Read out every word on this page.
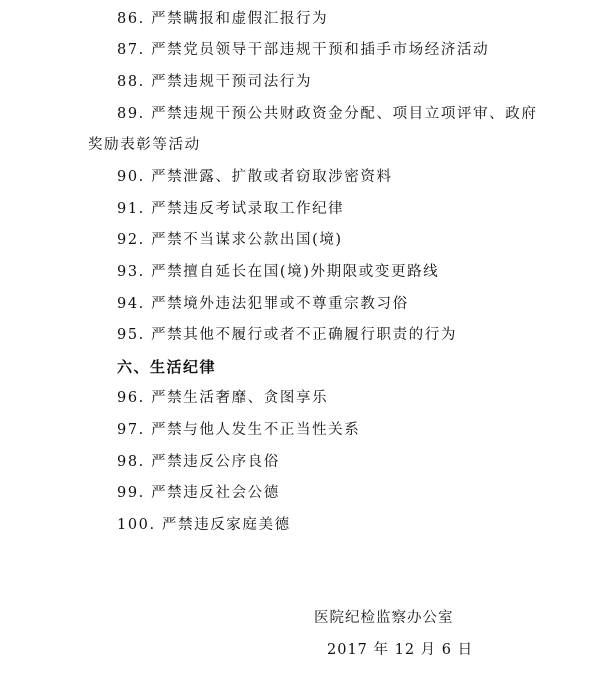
86. 严禁瞒报和虚假汇报行为
87. 严禁党员领导干部违规干预和插手市场经济活动
88. 严禁违规干预司法行为
89. 严禁违规干预公共财政资金分配、项目立项评审、政府
奖励表彰等活动
90. 严禁泄露、扩散或者窃取涉密资料
91. 严禁违反考试录取工作纪律
92. 严禁不当谋求公款出国(境)
93. 严禁擅自延长在国(境)外期限或变更路线
94. 严禁境外违法犯罪或不尊重宗教习俗
95. 严禁其他不履行或者不正确履行职责的行为
六、生活纪律
96. 严禁生活奢靡、贪图享乐
97. 严禁与他人发生不正当性关系
98. 严禁违反公序良俗
99. 严禁违反社会公德
100. 严禁违反家庭美德
医院纪检监察办公室
2017 年 12 月 6 日
